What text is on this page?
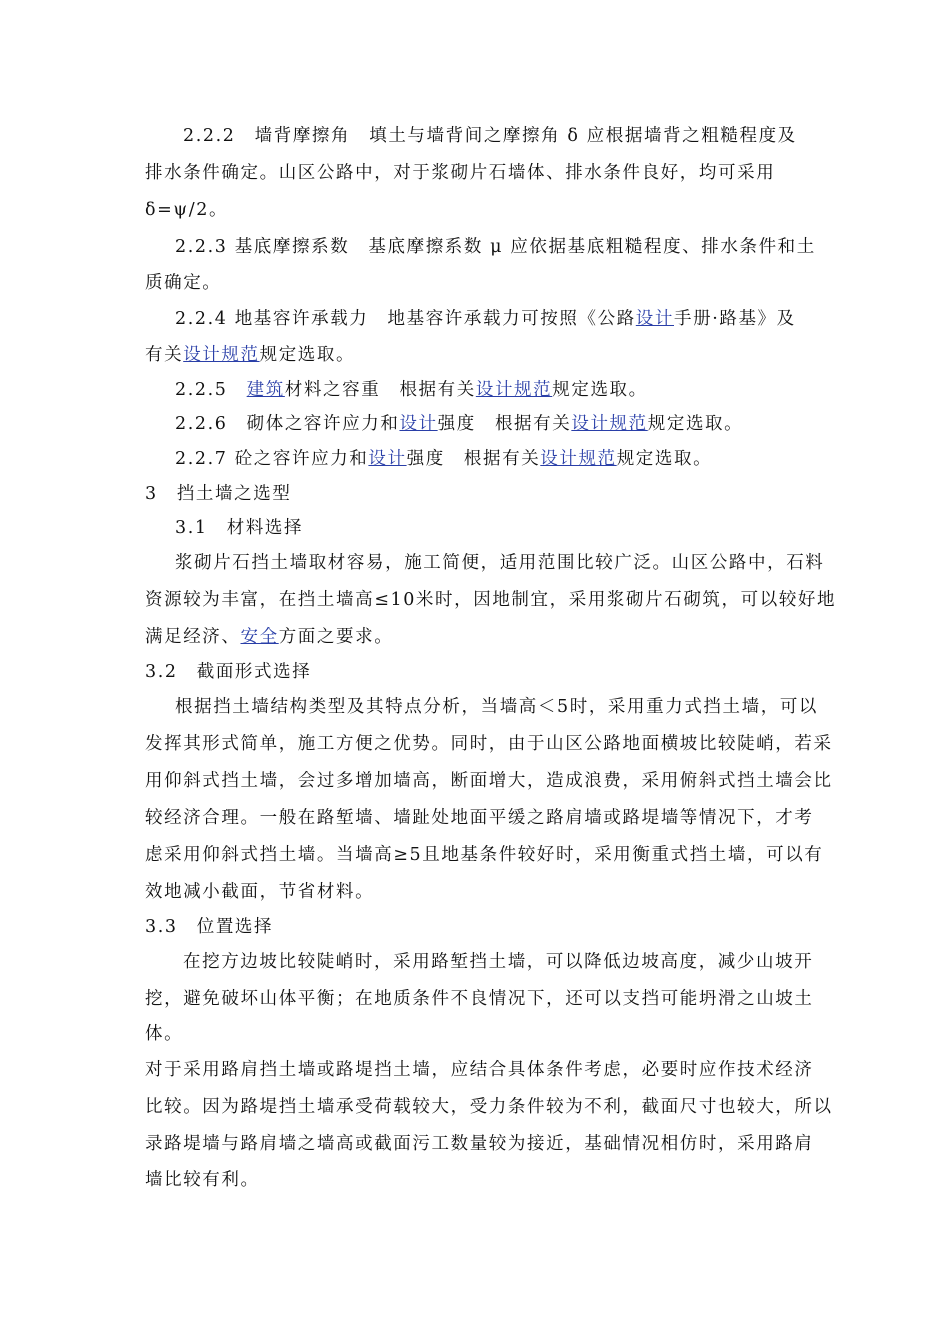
2.2.2　墙背摩擦角　填土与墙背间之摩擦角 δ 应根据墙背之粗糙程度及
排水条件确定。山区公路中，对于浆砌片石墙体、排水条件良好，均可采用
δ=ψ/2。
2.2.3 基底摩擦系数　基底摩擦系数 μ 应依据基底粗糙程度、排水条件和土
质确定。
2.2.4 地基容许承载力　地基容许承载力可按照《公路设计手册·路基》及
有关设计规范规定选取。
2.2.5　建筑材料之容重　根据有关设计规范规定选取。
2.2.6　砌体之容许应力和设计强度　根据有关设计规范规定选取。
2.2.7 砼之容许应力和设计强度　根据有关设计规范规定选取。
3　挡土墙之选型
3.1　材料选择
浆砌片石挡土墙取材容易，施工简便，适用范围比较广泛。山区公路中，石料
资源较为丰富，在挡土墙高≤10米时，因地制宜，采用浆砌片石砌筑，可以较好地
满足经济、安全方面之要求。
3.2　截面形式选择
根据挡土墙结构类型及其特点分析，当墙高＜5时，采用重力式挡土墙，可以
发挥其形式简单，施工方便之优势。同时，由于山区公路地面横坡比较陡峭，若采
用仰斜式挡土墙，会过多增加墙高，断面增大，造成浪费，采用俯斜式挡土墙会比
较经济合理。一般在路堑墙、墙趾处地面平缓之路肩墙或路堤墙等情况下，才考
虑采用仰斜式挡土墙。当墙高≥5且地基条件较好时，采用衡重式挡土墙，可以有
效地减小截面，节省材料。
3.3　位置选择
在挖方边坡比较陡峭时，采用路堑挡土墙，可以降低边坡高度，减少山坡开
挖，避免破坏山体平衡；在地质条件不良情况下，还可以支挡可能坍滑之山坡土
体。
对于采用路肩挡土墙或路堤挡土墙，应结合具体条件考虑，必要时应作技术经济
比较。因为路堤挡土墙承受荷载较大，受力条件较为不利，截面尺寸也较大，所以
录路堤墙与路肩墙之墙高或截面污工数量较为接近，基础情况相仿时，采用路肩
墙比较有利。
